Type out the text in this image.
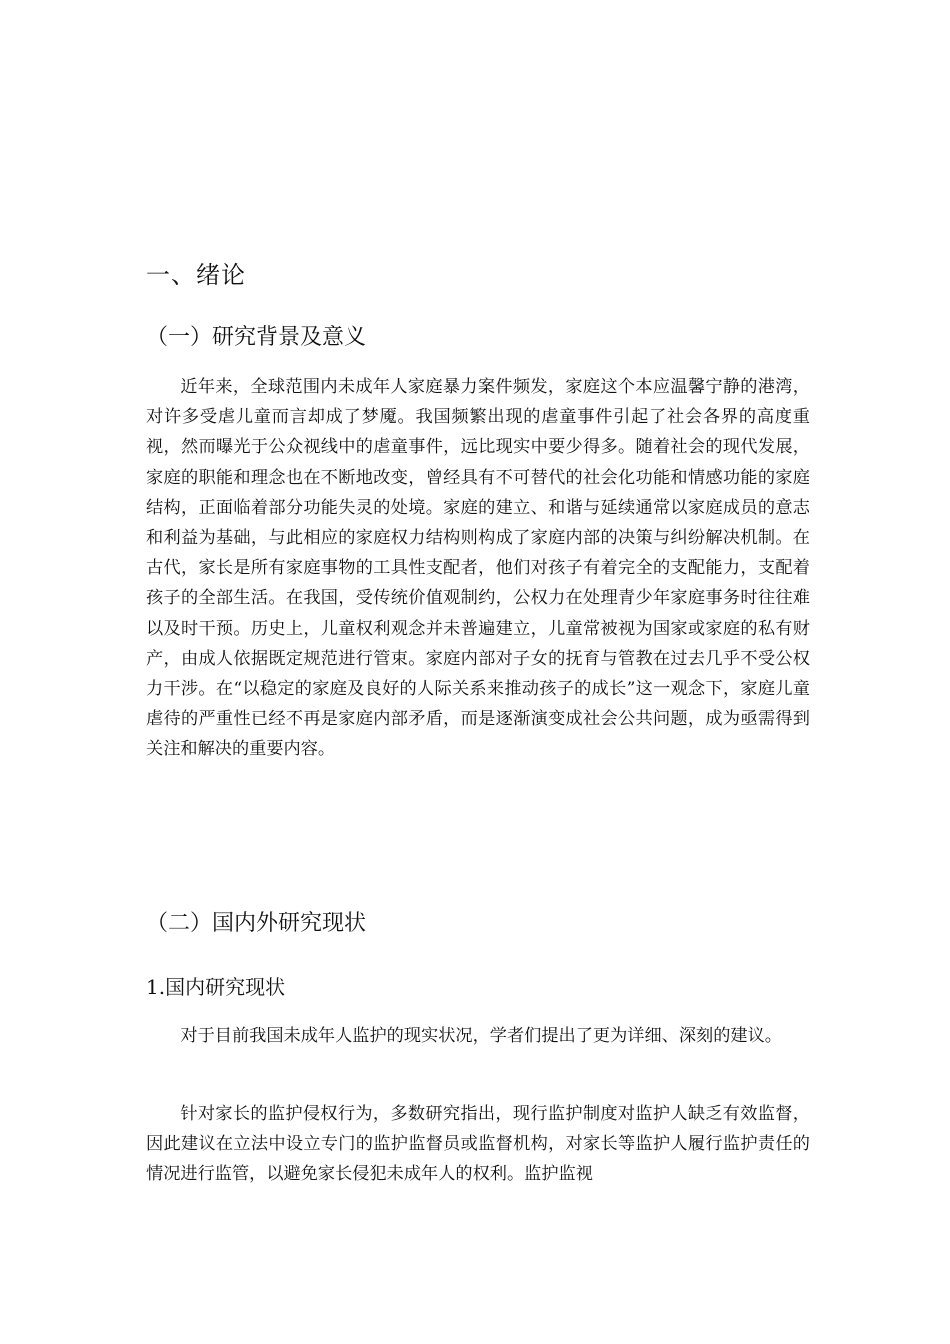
一、绪论
（一）研究背景及意义

近年来，全球范围内未成年人家庭暴力案件频发，家庭这个本应温馨宁静的港湾，对许多受虐儿童而言却成了梦魇。我国频繁出现的虐童事件引起了社会各界的高度重视，然而曝光于公众视线中的虐童事件，远比现实中要少得多。随着社会的现代发展，家庭的职能和理念也在不断地改变，曾经具有不可替代的社会化功能和情感功能的家庭结构，正面临着部分功能失灵的处境。家庭的建立、和谐与延续通常以家庭成员的意志和利益为基础，与此相应的家庭权力结构则构成了家庭内部的决策与纠纷解决机制。在古代，家长是所有家庭事物的工具性支配者，他们对孩子有着完全的支配能力，支配着孩子的全部生活。在我国，受传统价值观制约，公权力在处理青少年家庭事务时往往难以及时干预。历史上，儿童权利观念并未普遍建立，儿童常被视为国家或家庭的私有财产，由成人依据既定规范进行管束。家庭内部对子女的抚育与管教在过去几乎不受公权力干涉。在“以稳定的家庭及良好的人际关系来推动孩子的成长”这一观念下，家庭儿童虐待的严重性已经不再是家庭内部矛盾，而是逐渐演变成社会公共问题，成为亟需得到关注和解决的重要内容。

（二）国内外研究现状
1.国内研究现状

对于目前我国未成年人监护的现实状况，学者们提出了更为详细、深刻的建议。

针对家长的监护侵权行为，多数研究指出，现行监护制度对监护人缺乏有效监督，因此建议在立法中设立专门的监护监督员或监督机构，对家长等监护人履行监护责任的情况进行监管，以避免家长侵犯未成年人的权利。监护监视
